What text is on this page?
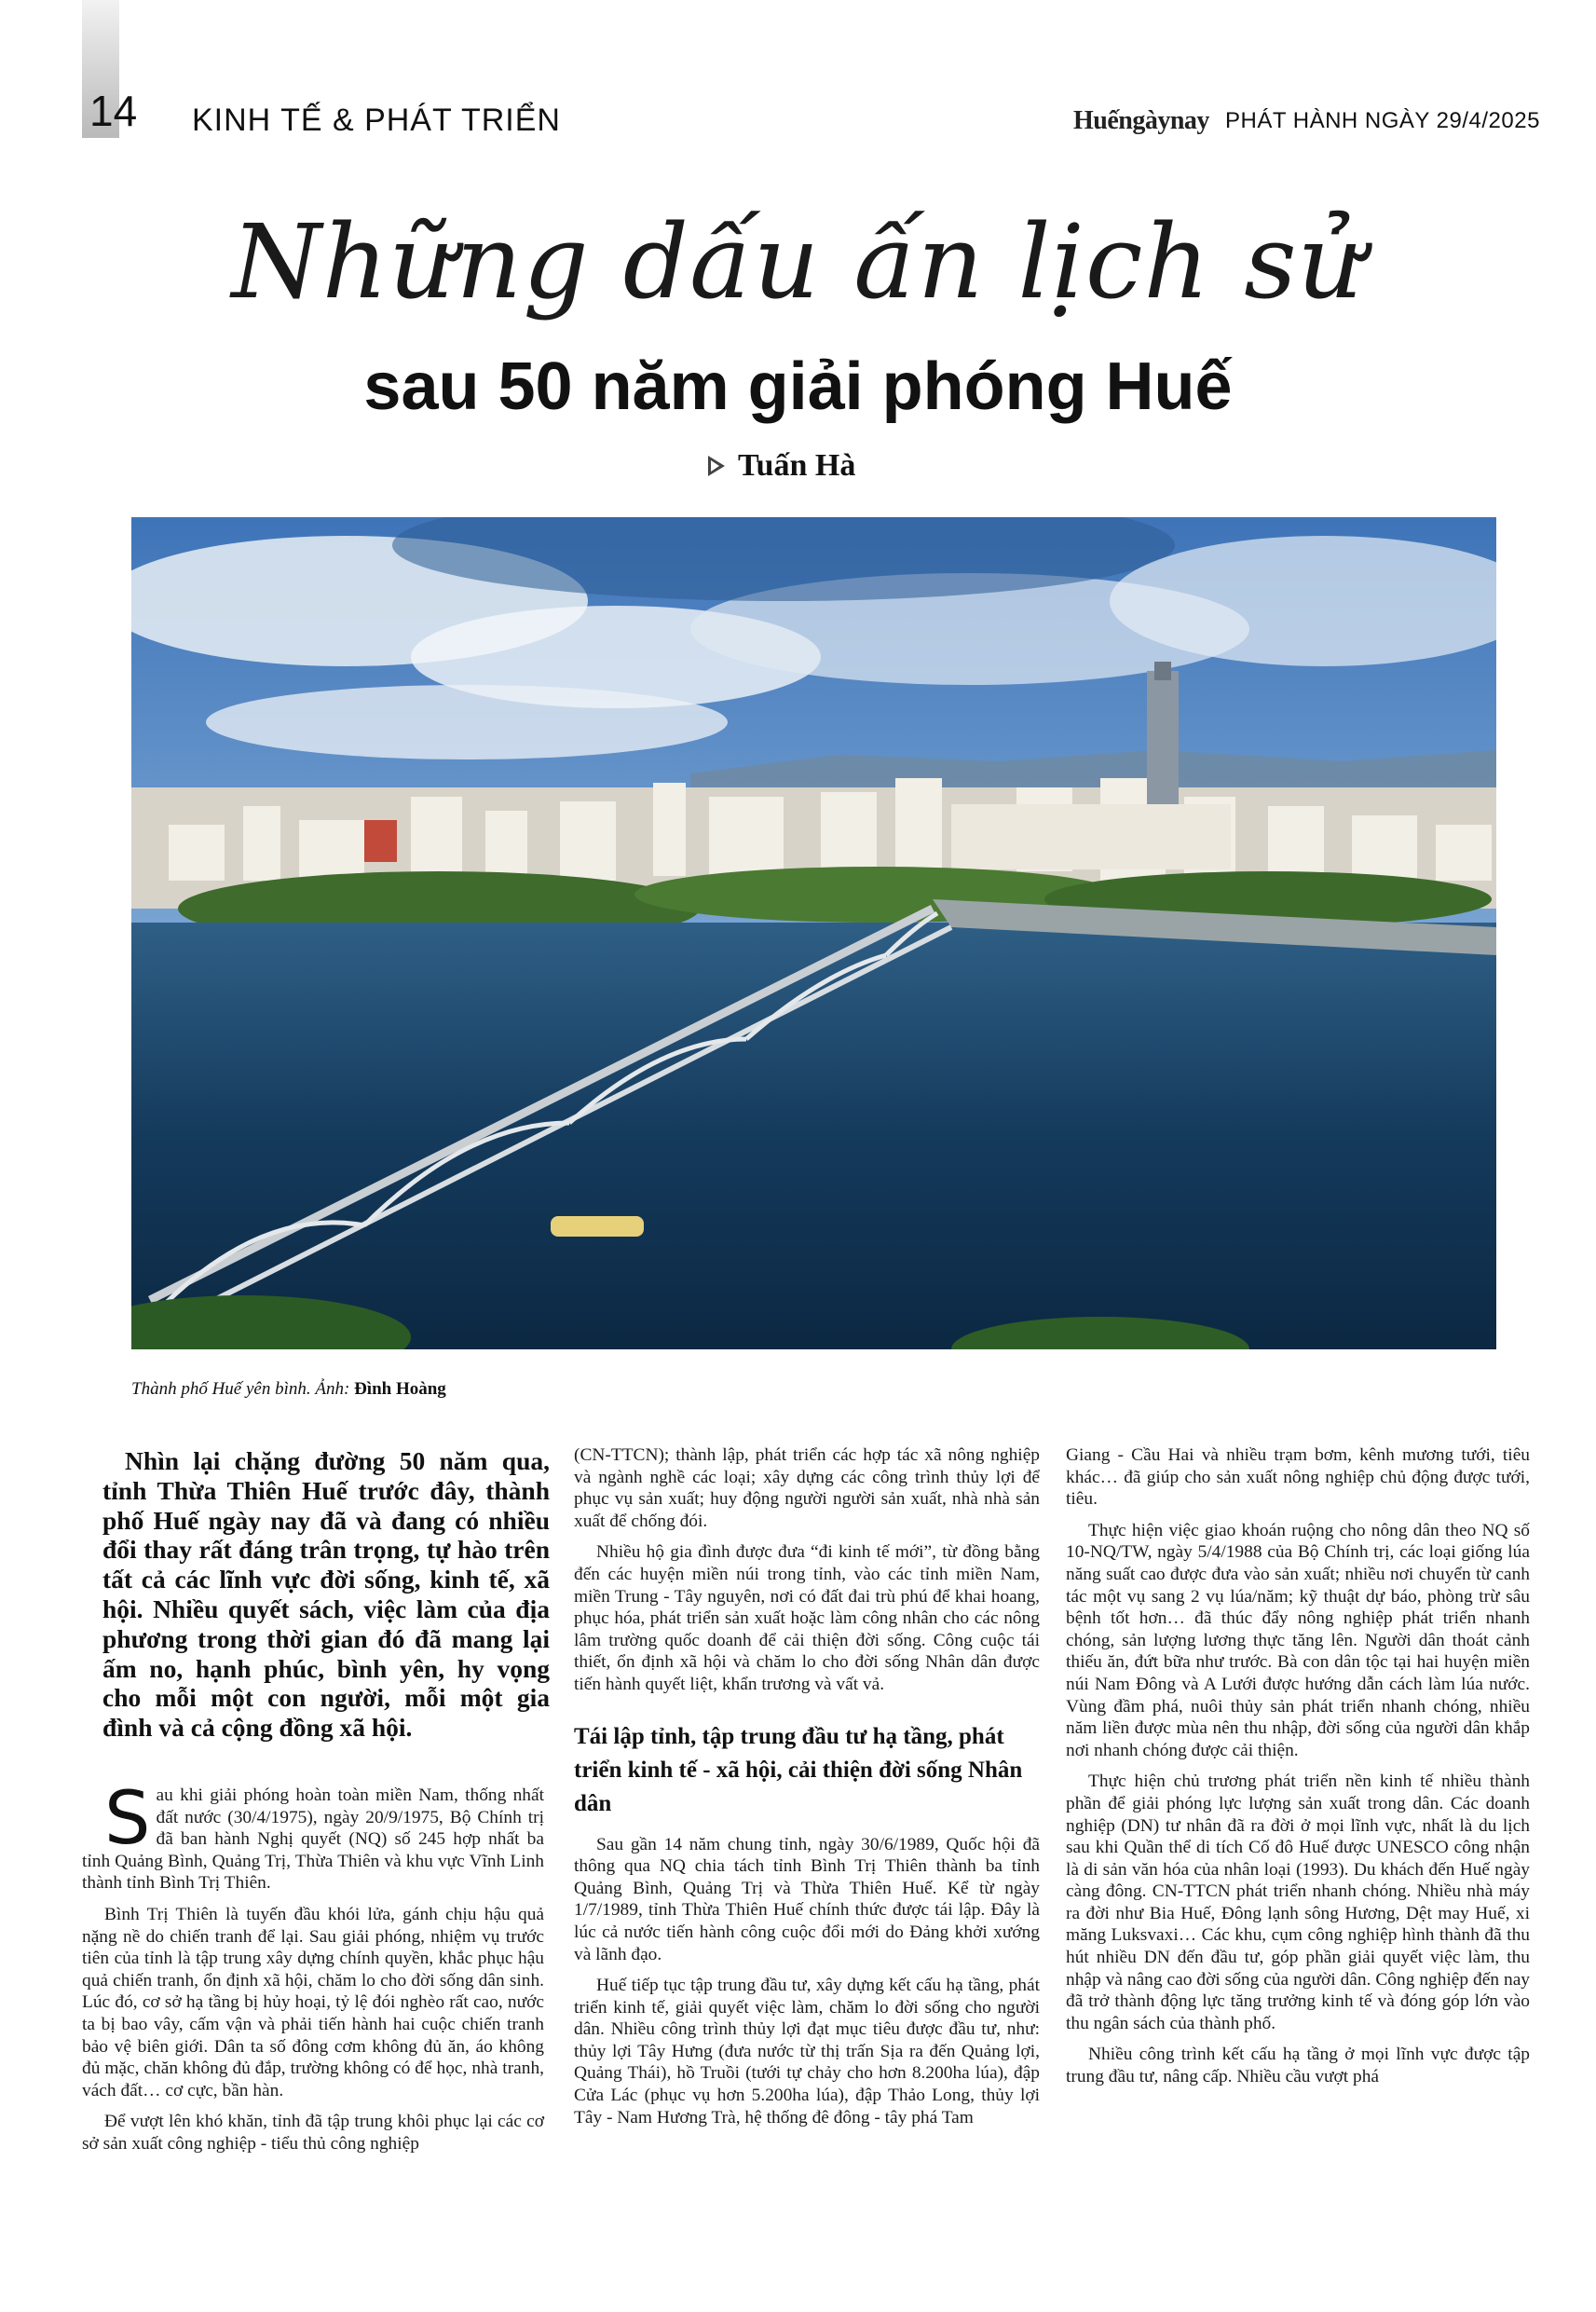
14 KINH TẾ & PHÁT TRIỂN	Huếngàynay PHÁT HÀNH NGÀY 29/4/2025
Những dấu ấn lịch sử
sau 50 năm giải phóng Huế
Tuấn Hà
Thành phố Huế yên bình. Ảnh: Đình Hoàng

Nhìn lại chặng đường 50 năm qua, tỉnh Thừa Thiên Huế trước đây, thành phố Huế ngày nay đã và đang có nhiều đổi thay rất đáng trân trọng, tự hào trên tất cả các lĩnh vực đời sống, kinh tế, xã hội. Nhiều quyết sách, việc làm của địa phương trong thời gian đó đã mang lại ấm no, hạnh phúc, bình yên, hy vọng cho mỗi một con người, mỗi một gia đình và cả cộng đồng xã hội.

Sau khi giải phóng hoàn toàn miền Nam, thống nhất đất nước (30/4/1975), ngày 20/9/1975, Bộ Chính trị đã ban hành Nghị quyết (NQ) số 245 hợp nhất ba tỉnh Quảng Bình, Quảng Trị, Thừa Thiên và khu vực Vĩnh Linh thành tỉnh Bình Trị Thiên.

Bình Trị Thiên là tuyến đầu khói lửa, gánh chịu hậu quả nặng nề do chiến tranh để lại. Sau giải phóng, nhiệm vụ trước tiên của tỉnh là tập trung xây dựng chính quyền, khắc phục hậu quả chiến tranh, ổn định xã hội, chăm lo cho đời sống dân sinh. Lúc đó, cơ sở hạ tầng bị hủy hoại, tỷ lệ đói nghèo rất cao, nước ta bị bao vây, cấm vận và phải tiến hành hai cuộc chiến tranh bảo vệ biên giới. Dân ta số đông cơm không đủ ăn, áo không đủ mặc, chăn không đủ đắp, trường không có để học, nhà tranh, vách đất… cơ cực, bần hàn.

Để vượt lên khó khăn, tỉnh đã tập trung khôi phục lại các cơ sở sản xuất công nghiệp - tiểu thủ công nghiệp

(CN-TTCN); thành lập, phát triển các hợp tác xã nông nghiệp và ngành nghề các loại; xây dựng các công trình thủy lợi để phục vụ sản xuất; huy động người người sản xuất, nhà nhà sản xuất để chống đói.

Nhiều hộ gia đình được đưa “đi kinh tế mới”, từ đồng bằng đến các huyện miền núi trong tỉnh, vào các tỉnh miền Nam, miền Trung - Tây nguyên, nơi có đất đai trù phú để khai hoang, phục hóa, phát triển sản xuất hoặc làm công nhân cho các nông lâm trường quốc doanh để cải thiện đời sống. Công cuộc tái thiết, ổn định xã hội và chăm lo cho đời sống Nhân dân được tiến hành quyết liệt, khẩn trương và vất vả.

Tái lập tỉnh, tập trung đầu tư hạ tầng, phát triển kinh tế - xã hội, cải thiện đời sống Nhân dân

Sau gần 14 năm chung tỉnh, ngày 30/6/1989, Quốc hội đã thông qua NQ chia tách tỉnh Bình Trị Thiên thành ba tỉnh Quảng Bình, Quảng Trị và Thừa Thiên Huế. Kể từ ngày 1/7/1989, tỉnh Thừa Thiên Huế chính thức được tái lập. Đây là lúc cả nước tiến hành công cuộc đổi mới do Đảng khởi xướng và lãnh đạo.

Huế tiếp tục tập trung đầu tư, xây dựng kết cấu hạ tầng, phát triển kinh tế, giải quyết việc làm, chăm lo đời sống cho người dân. Nhiều công trình thủy lợi đạt mục tiêu được đầu tư, như: thủy lợi Tây Hưng (đưa nước từ thị trấn Sịa ra đến Quảng lợi, Quảng Thái), hồ Truồi (tưới tự chảy cho hơn 8.200ha lúa), đập Cửa Lác (phục vụ hơn 5.200ha lúa), đập Thảo Long, thủy lợi Tây - Nam Hương Trà, hệ thống đê đông - tây phá Tam

Giang - Cầu Hai và nhiều trạm bơm, kênh mương tưới, tiêu khác… đã giúp cho sản xuất nông nghiệp chủ động được tưới, tiêu.

Thực hiện việc giao khoán ruộng cho nông dân theo NQ số 10-NQ/TW, ngày 5/4/1988 của Bộ Chính trị, các loại giống lúa năng suất cao được đưa vào sản xuất; nhiều nơi chuyển từ canh tác một vụ sang 2 vụ lúa/năm; kỹ thuật dự báo, phòng trừ sâu bệnh tốt hơn… đã thúc đẩy nông nghiệp phát triển nhanh chóng, sản lượng lương thực tăng lên. Người dân thoát cảnh thiếu ăn, đứt bữa như trước. Bà con dân tộc tại hai huyện miền núi Nam Đông và A Lưới được hướng dẫn cách làm lúa nước. Vùng đầm phá, nuôi thủy sản phát triển nhanh chóng, nhiều năm liền được mùa nên thu nhập, đời sống của người dân khắp nơi nhanh chóng được cải thiện.

Thực hiện chủ trương phát triển nền kinh tế nhiều thành phần để giải phóng lực lượng sản xuất trong dân. Các doanh nghiệp (DN) tư nhân đã ra đời ở mọi lĩnh vực, nhất là du lịch sau khi Quần thể di tích Cố đô Huế được UNESCO công nhận là di sản văn hóa của nhân loại (1993). Du khách đến Huế ngày càng đông. CN-TTCN phát triển nhanh chóng. Nhiều nhà máy ra đời như Bia Huế, Đông lạnh sông Hương, Dệt may Huế, xi măng Luksvaxi… Các khu, cụm công nghiệp hình thành đã thu hút nhiều DN đến đầu tư, góp phần giải quyết việc làm, thu nhập và nâng cao đời sống của người dân. Công nghiệp đến nay đã trở thành động lực tăng trưởng kinh tế và đóng góp lớn vào thu ngân sách của thành phố.

Nhiều công trình kết cấu hạ tầng ở mọi lĩnh vực được tập trung đầu tư, nâng cấp. Nhiều cầu vượt phá
